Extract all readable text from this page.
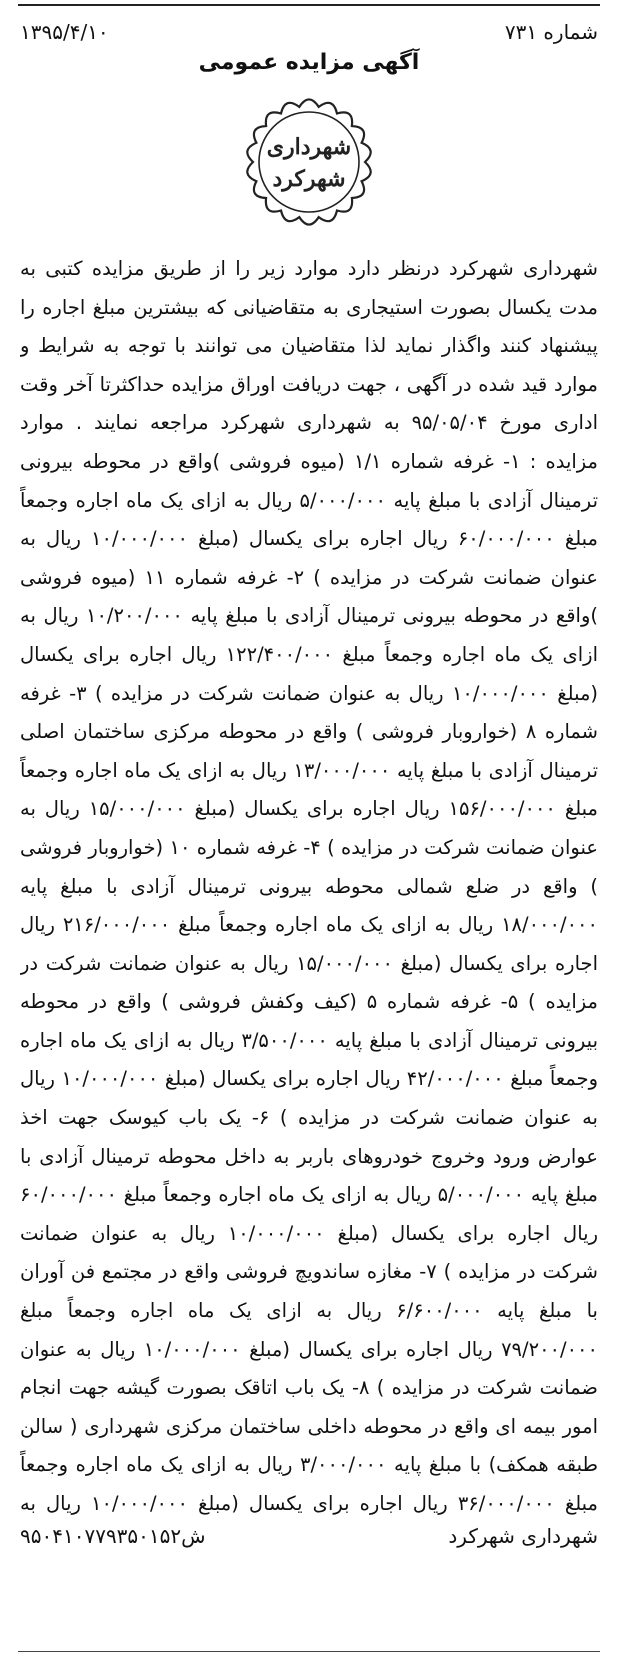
شماره ۷۳۱
۱۳۹۵/۴/۱۰
آگهی مزایده عمومی
شهرداری
شهرکرد
شهرداری شهرکرد درنظر دارد موارد زیر را از طریق مزایده کتبی به مدت یکسال بصورت استیجاری به متقاضیانی که بیشترین مبلغ اجاره را پیشنهاد کنند واگذار نماید لذا متقاضیان می توانند با توجه به شرایط و موارد قید شده در آگهی ، جهت دریافت اوراق مزایده حداکثرتا آخر وقت اداری مورخ ۹۵/۰۵/۰۴ به شهرداری شهرکرد مراجعه نمایند . موارد مزایده : ۱- غرفه شماره ۱/۱ (میوه فروشی )واقع در محوطه بیرونی ترمینال آزادی با مبلغ پایه ۵/۰۰۰/۰۰۰ ریال به ازای یک ماه اجاره وجمعاً مبلغ ۶۰/۰۰۰/۰۰۰ ریال اجاره برای یکسال (مبلغ ۱۰/۰۰۰/۰۰۰ ریال به عنوان ضمانت شرکت در مزایده ) ۲- غرفه شماره ۱۱ (میوه فروشی )واقع در محوطه بیرونی ترمینال آزادی با مبلغ پایه ۱۰/۲۰۰/۰۰۰ ریال به ازای یک ماه اجاره وجمعاً مبلغ ۱۲۲/۴۰۰/۰۰۰ ریال اجاره برای یکسال (مبلغ ۱۰/۰۰۰/۰۰۰ ریال به عنوان ضمانت شرکت در مزایده ) ۳- غرفه شماره ۸ (خواروبار فروشی ) واقع در محوطه مرکزی ساختمان اصلی ترمینال آزادی با مبلغ پایه ۱۳/۰۰۰/۰۰۰ ریال به ازای یک ماه اجاره وجمعاً مبلغ ۱۵۶/۰۰۰/۰۰۰ ریال اجاره برای یکسال (مبلغ ۱۵/۰۰۰/۰۰۰ ریال به عنوان ضمانت شرکت در مزایده ) ۴- غرفه شماره ۱۰ (خواروبار فروشی ) واقع در ضلع شمالی محوطه بیرونی ترمینال آزادی با مبلغ پایه ۱۸/۰۰۰/۰۰۰ ریال به ازای یک ماه اجاره وجمعاً مبلغ ۲۱۶/۰۰۰/۰۰۰ ریال اجاره برای یکسال (مبلغ ۱۵/۰۰۰/۰۰۰ ریال به عنوان ضمانت شرکت در مزایده ) ۵- غرفه شماره ۵ (کیف وکفش فروشی ) واقع در محوطه بیرونی ترمینال آزادی با مبلغ پایه ۳/۵۰۰/۰۰۰ ریال به ازای یک ماه اجاره وجمعاً مبلغ ۴۲/۰۰۰/۰۰۰ ریال اجاره برای یکسال (مبلغ ۱۰/۰۰۰/۰۰۰ ریال به عنوان ضمانت شرکت در مزایده ) ۶- یک باب کیوسک جهت اخذ عوارض ورود وخروج خودروهای باربر به داخل محوطه ترمینال آزادی با مبلغ پایه ۵/۰۰۰/۰۰۰ ریال به ازای یک ماه اجاره وجمعاً مبلغ ۶۰/۰۰۰/۰۰۰ ریال اجاره برای یکسال (مبلغ ۱۰/۰۰۰/۰۰۰ ریال به عنوان ضمانت شرکت در مزایده ) ۷- مغازه ساندویچ فروشی واقع در مجتمع فن آوران با مبلغ پایه ۶/۶۰۰/۰۰۰ ریال به ازای یک ماه اجاره وجمعاً مبلغ ۷۹/۲۰۰/۰۰۰ ریال اجاره برای یکسال (مبلغ ۱۰/۰۰۰/۰۰۰ ریال به عنوان ضمانت شرکت در مزایده ) ۸- یک باب اتاقک بصورت گیشه جهت انجام امور بیمه ای واقع در محوطه داخلی ساختمان مرکزی شهرداری ( سالن طبقه همکف) با مبلغ پایه ۳/۰۰۰/۰۰۰ ریال به ازای یک ماه اجاره وجمعاً مبلغ ۳۶/۰۰۰/۰۰۰ ریال اجاره برای یکسال (مبلغ ۱۰/۰۰۰/۰۰۰ ریال به
شهرداری شهرکرد
ش۹۵۰۴۱۰۷۷۹۳۵۰۱۵۲
